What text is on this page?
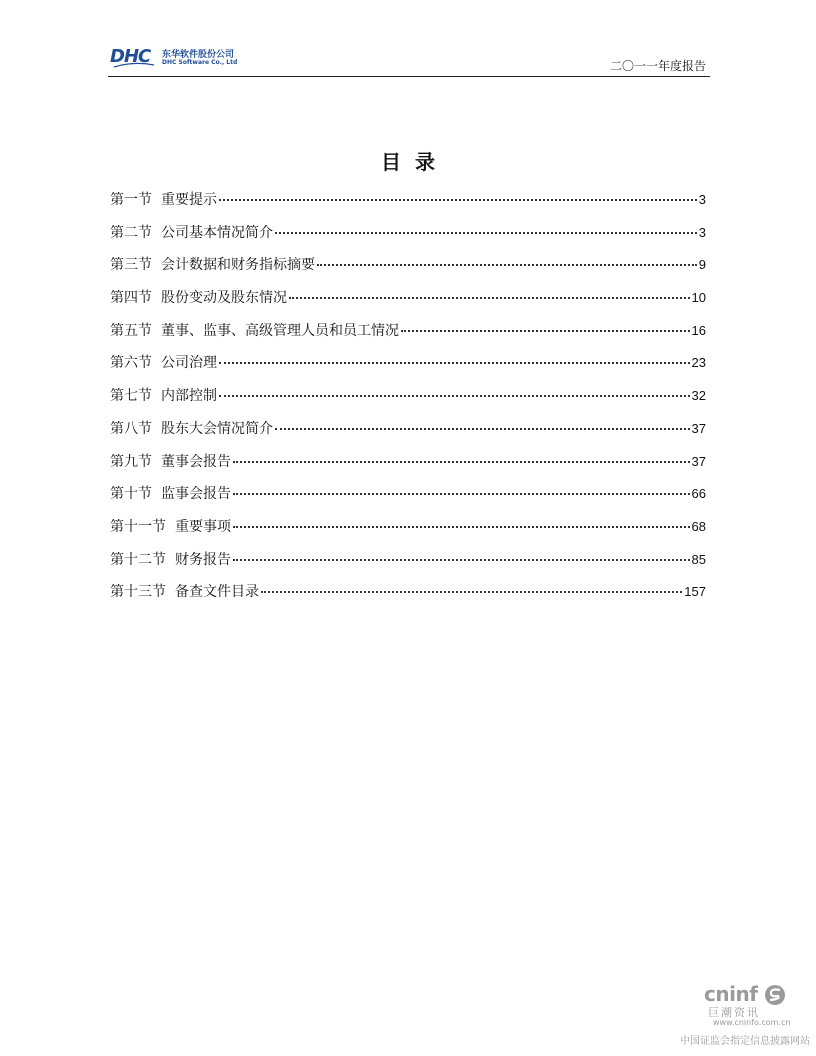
DHC	东华软件股份公司
DHC Software Co., Ltd	二〇一一年度报告
目录
第一节 重要提示	3
第二节 公司基本情况简介	3
第三节 会计数据和财务指标摘要	9
第四节 股份变动及股东情况	10
第五节 董事、监事、高级管理人员和员工情况	16
第六节 公司治理	23
第七节 内部控制	32
第八节 股东大会情况简介	37
第九节 董事会报告	37
第十节 监事会报告	66
第十一节 重要事项	68
第十二节 财务报告	85
第十三节 备查文件目录	157
cninf
巨潮资讯
www.cninfo.com.cn
中国证监会指定信息披露网站
